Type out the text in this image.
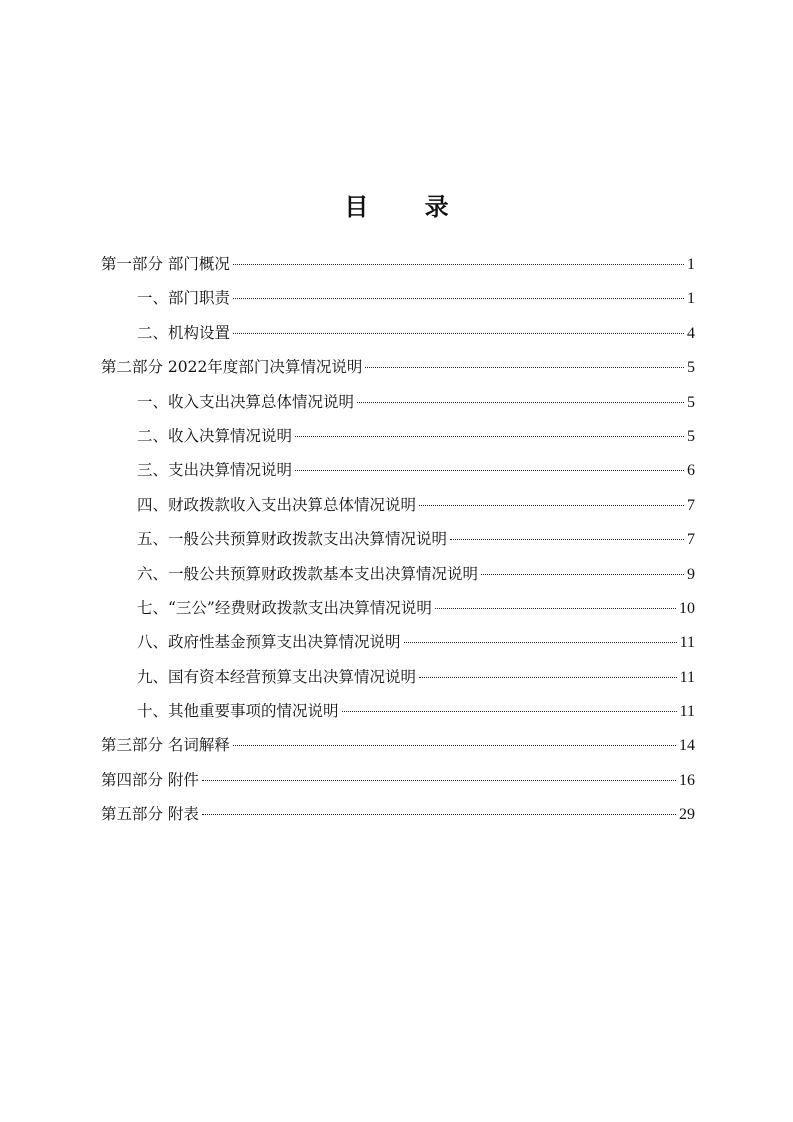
目 录
第一部分 部门概况	1
一、部门职责	1
二、机构设置	4
第二部分 2022年度部门决算情况说明	5
一、收入支出决算总体情况说明	5
二、收入决算情况说明	5
三、支出决算情况说明	6
四、财政拨款收入支出决算总体情况说明	7
五、一般公共预算财政拨款支出决算情况说明	7
六、一般公共预算财政拨款基本支出决算情况说明	9
七、“三公”经费财政拨款支出决算情况说明	10
八、政府性基金预算支出决算情况说明	11
九、国有资本经营预算支出决算情况说明	11
十、其他重要事项的情况说明	11
第三部分 名词解释	14
第四部分 附件	16
第五部分 附表	29
